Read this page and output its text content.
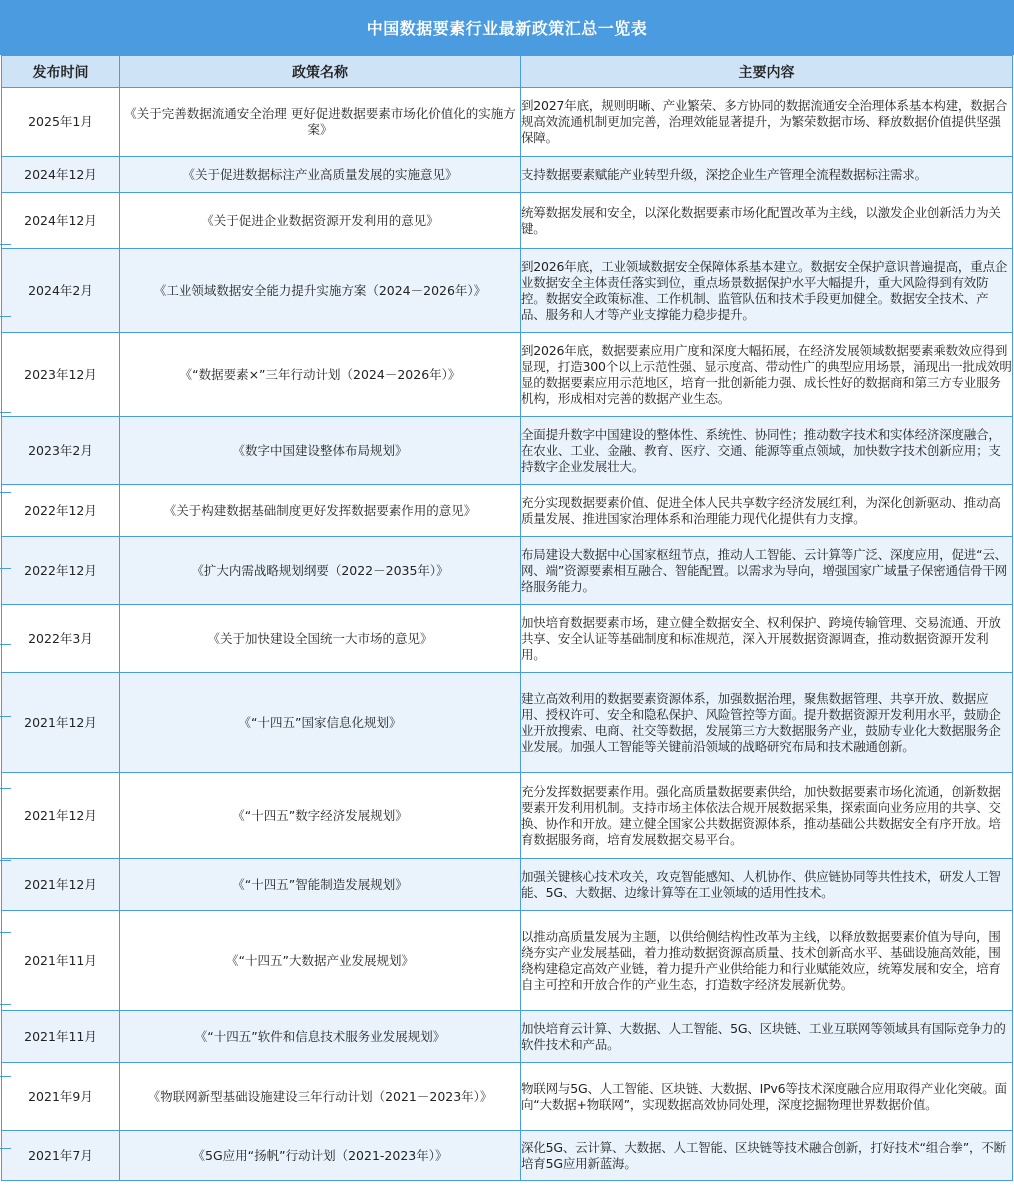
中国数据要素行业最新政策汇总一览表
发布时间	政策名称	主要内容
2025年1月	《关于完善数据流通安全治理 更好促进数据要素市场化价值化的实施方案》	到2027年底，规则明晰、产业繁荣、多方协同的数据流通安全治理体系基本构建，数据合规高效流通机制更加完善，治理效能显著提升，为繁荣数据市场、释放数据价值提供坚强保障。
2024年12月	《关于促进数据标注产业高质量发展的实施意见》	支持数据要素赋能产业转型升级，深挖企业生产管理全流程数据标注需求。
2024年12月	《关于促进企业数据资源开发利用的意见》	统筹数据发展和安全，以深化数据要素市场化配置改革为主线，以激发企业创新活力为关键。
2024年2月	《工业领域数据安全能力提升实施方案（2024－2026年）》	到2026年底，工业领域数据安全保障体系基本建立。数据安全保护意识普遍提高，重点企业数据安全主体责任落实到位，重点场景数据保护水平大幅提升，重大风险得到有效防控。数据安全政策标准、工作机制、监管队伍和技术手段更加健全。数据安全技术、产品、服务和人才等产业支撑能力稳步提升。
2023年12月	《“数据要素×”三年行动计划（2024－2026年）》	到2026年底，数据要素应用广度和深度大幅拓展，在经济发展领域数据要素乘数效应得到显现，打造300个以上示范性强、显示度高、带动性广的典型应用场景，涌现出一批成效明显的数据要素应用示范地区，培育一批创新能力强、成长性好的数据商和第三方专业服务机构，形成相对完善的数据产业生态。
2023年2月	《数字中国建设整体布局规划》	全面提升数字中国建设的整体性、系统性、协同性；推动数字技术和实体经济深度融合，在农业、工业、金融、教育、医疗、交通、能源等重点领域，加快数字技术创新应用；支持数字企业发展壮大。
2022年12月	《关于构建数据基础制度更好发挥数据要素作用的意见》	充分实现数据要素价值、促进全体人民共享数字经济发展红利，为深化创新驱动、推动高质量发展、推进国家治理体系和治理能力现代化提供有力支撑。
2022年12月	《扩大内需战略规划纲要（2022－2035年）》	布局建设大数据中心国家枢纽节点，推动人工智能、云计算等广泛、深度应用，促进“云、网、端”资源要素相互融合、智能配置。以需求为导向，增强国家广域量子保密通信骨干网络服务能力。
2022年3月	《关于加快建设全国统一大市场的意见》	加快培育数据要素市场，建立健全数据安全、权利保护、跨境传输管理、交易流通、开放共享、安全认证等基础制度和标准规范，深入开展数据资源调查，推动数据资源开发利用。
2021年12月	《“十四五”国家信息化规划》	建立高效利用的数据要素资源体系，加强数据治理，聚焦数据管理、共享开放、数据应用、授权许可、安全和隐私保护、风险管控等方面。提升数据资源开发利用水平，鼓励企业开放搜索、电商、社交等数据，发展第三方大数据服务产业，鼓励专业化大数据服务企业发展。加强人工智能等关键前沿领域的战略研究布局和技术融通创新。
2021年12月	《“十四五”数字经济发展规划》	充分发挥数据要素作用。强化高质量数据要素供给，加快数据要素市场化流通，创新数据要素开发利用机制。支持市场主体依法合规开展数据采集，探索面向业务应用的共享、交换、协作和开放。建立健全国家公共数据资源体系，推动基础公共数据安全有序开放。培育数据服务商，培育发展数据交易平台。
2021年12月	《“十四五”智能制造发展规划》	加强关键核心技术攻关，攻克智能感知、人机协作、供应链协同等共性技术，研发人工智能、5G、大数据、边缘计算等在工业领域的适用性技术。
2021年11月	《“十四五”大数据产业发展规划》	以推动高质量发展为主题，以供给侧结构性改革为主线，以释放数据要素价值为导向，围绕夯实产业发展基础，着力推动数据资源高质量、技术创新高水平、基础设施高效能，围绕构建稳定高效产业链，着力提升产业供给能力和行业赋能效应，统筹发展和安全，培育自主可控和开放合作的产业生态，打造数字经济发展新优势。
2021年11月	《“十四五”软件和信息技术服务业发展规划》	加快培育云计算、大数据、人工智能、5G、区块链、工业互联网等领域具有国际竞争力的软件技术和产品。
2021年9月	《物联网新型基础设施建设三年行动计划（2021－2023年）》	物联网与5G、人工智能、区块链、大数据、IPv6等技术深度融合应用取得产业化突破。面向“大数据+物联网”，实现数据高效协同处理，深度挖掘物理世界数据价值。
2021年7月	《5G应用“扬帆”行动计划（2021-2023年）》	深化5G、云计算、大数据、人工智能、区块链等技术融合创新，打好技术“组合拳”，不断培育5G应用新蓝海。
